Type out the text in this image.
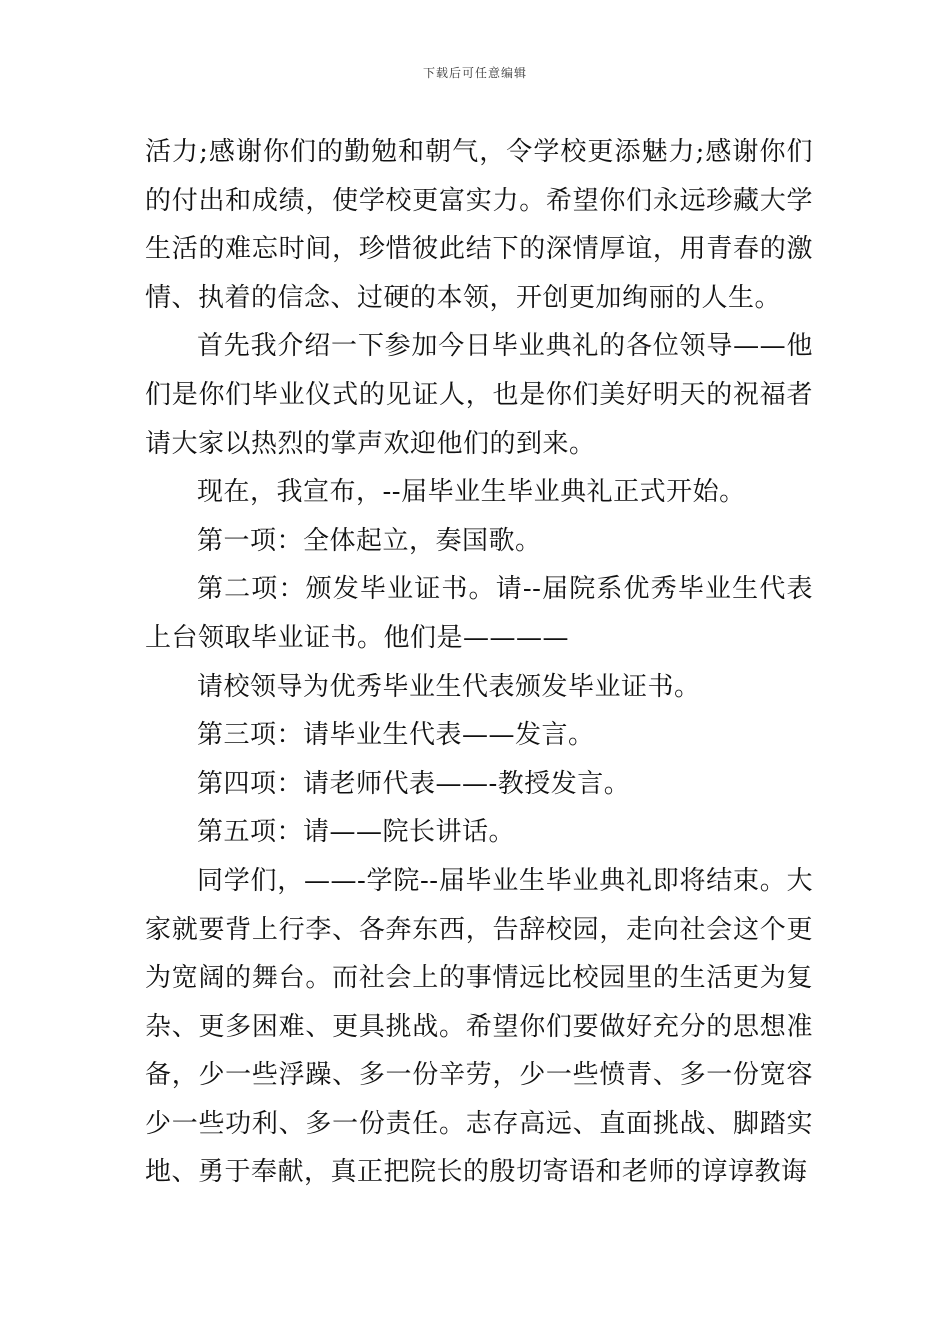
下载后可任意编辑

活力;感谢你们的勤勉和朝气，令学校更添魅力;感谢你们的付出和成绩，使学校更富实力。希望你们永远珍藏大学生活的难忘时间，珍惜彼此结下的深情厚谊，用青春的激情、执着的信念、过硬的本领，开创更加绚丽的人生。

首先我介绍一下参加今日毕业典礼的各位领导——他们是你们毕业仪式的见证人，也是你们美好明天的祝福者请大家以热烈的掌声欢迎他们的到来。

现在，我宣布，--届毕业生毕业典礼正式开始。

第一项：全体起立，奏国歌。

第二项：颁发毕业证书。请--届院系优秀毕业生代表上台领取毕业证书。他们是————

请校领导为优秀毕业生代表颁发毕业证书。

第三项：请毕业生代表——发言。

第四项：请老师代表——-教授发言。

第五项：请——院长讲话。

同学们，——-学院--届毕业生毕业典礼即将结束。大家就要背上行李、各奔东西，告辞校园，走向社会这个更为宽阔的舞台。而社会上的事情远比校园里的生活更为复杂、更多困难、更具挑战。希望你们要做好充分的思想准备，少一些浮躁、多一份辛劳，少一些愤青、多一份宽容少一些功利、多一份责任。志存高远、直面挑战、脚踏实地、勇于奉献，真正把院长的殷切寄语和老师的谆谆教诲
